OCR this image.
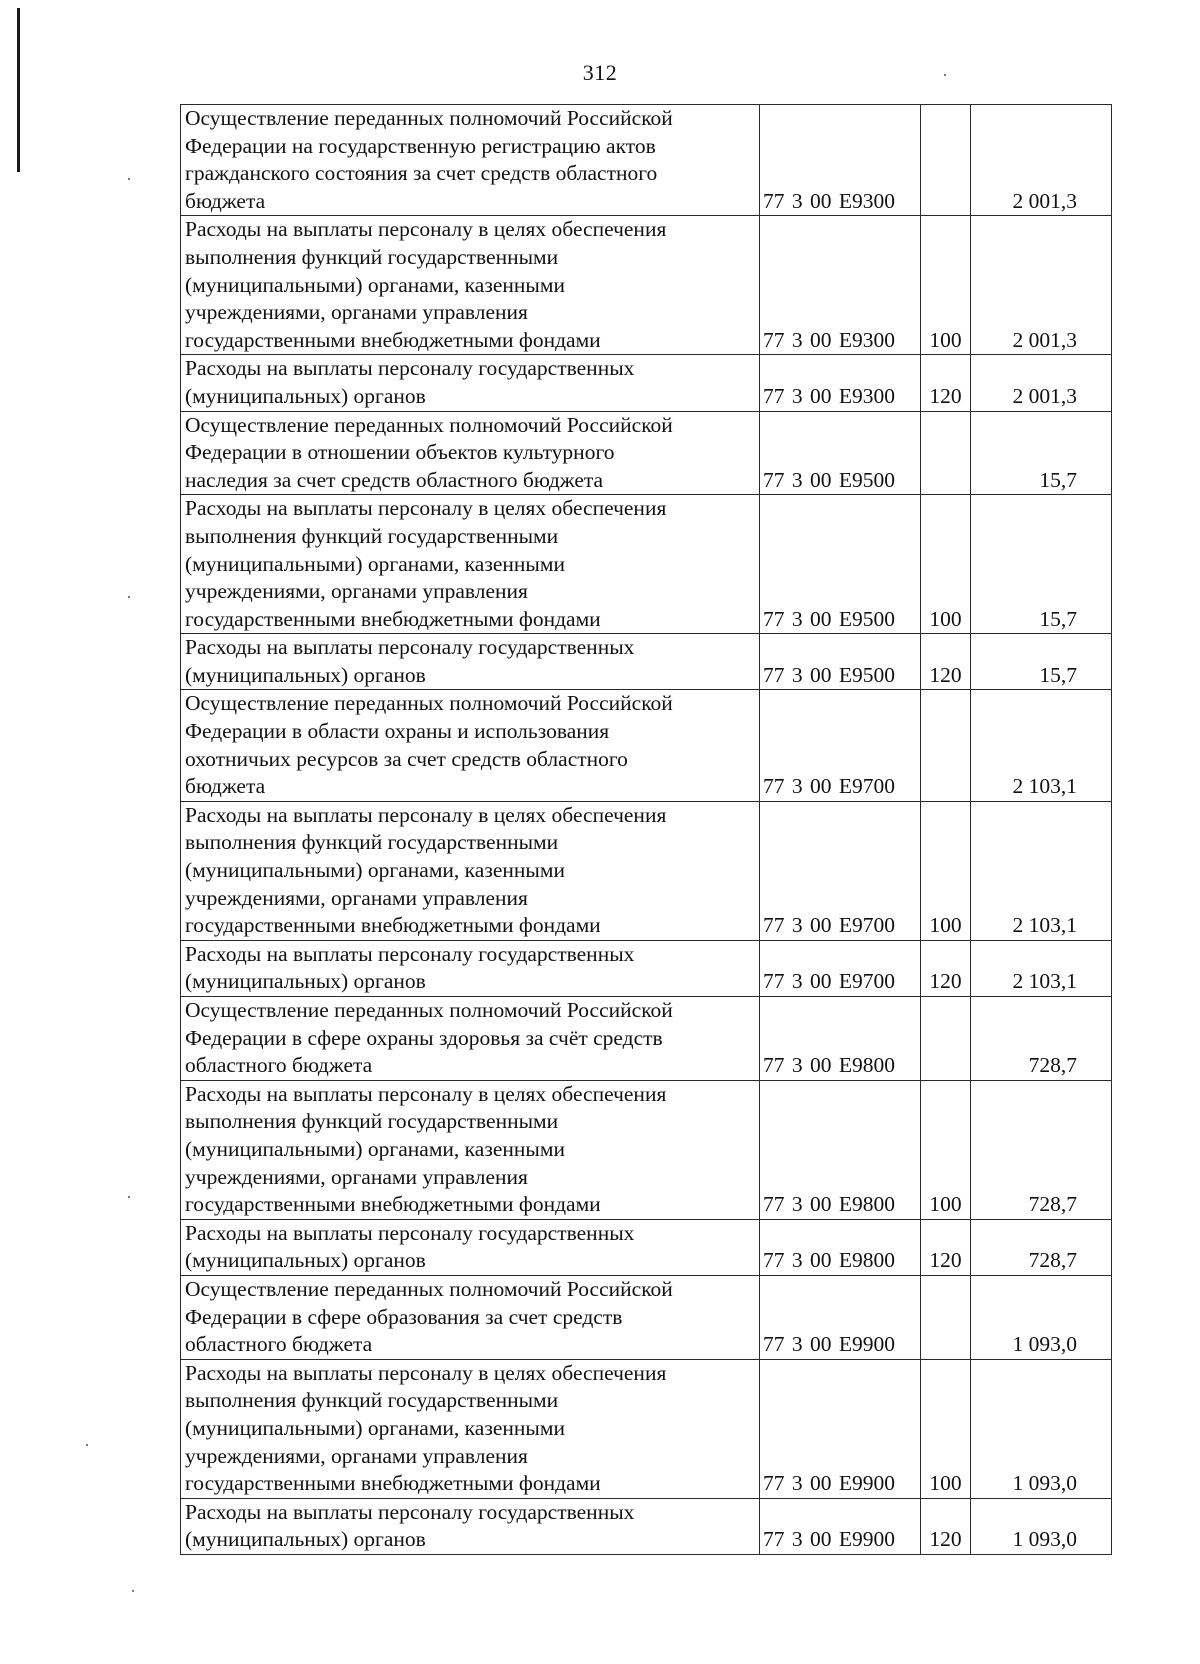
312
Осуществление переданных полномочий Российской
Федерации на государственную регистрацию актов
гражданского состояния за счет средств областного
бюджета	77 3 00 Е9300		2 001,3
Расходы на выплаты персоналу в целях обеспечения
выполнения функций государственными
(муниципальными) органами, казенными
учреждениями, органами управления
государственными внебюджетными фондами	77 3 00 Е9300	100	2 001,3
Расходы на выплаты персоналу государственных
(муниципальных) органов	77 3 00 Е9300	120	2 001,3
Осуществление переданных полномочий Российской
Федерации в отношении объектов культурного
наследия за счет средств областного бюджета	77 3 00 Е9500		15,7
Расходы на выплаты персоналу в целях обеспечения
выполнения функций государственными
(муниципальными) органами, казенными
учреждениями, органами управления
государственными внебюджетными фондами	77 3 00 Е9500	100	15,7
Расходы на выплаты персоналу государственных
(муниципальных) органов	77 3 00 Е9500	120	15,7
Осуществление переданных полномочий Российской
Федерации в области охраны и использования
охотничьих ресурсов за счет средств областного
бюджета	77 3 00 Е9700		2 103,1
Расходы на выплаты персоналу в целях обеспечения
выполнения функций государственными
(муниципальными) органами, казенными
учреждениями, органами управления
государственными внебюджетными фондами	77 3 00 Е9700	100	2 103,1
Расходы на выплаты персоналу государственных
(муниципальных) органов	77 3 00 Е9700	120	2 103,1
Осуществление переданных полномочий Российской
Федерации в сфере охраны здоровья за счёт средств
областного бюджета	77 3 00 Е9800		728,7
Расходы на выплаты персоналу в целях обеспечения
выполнения функций государственными
(муниципальными) органами, казенными
учреждениями, органами управления
государственными внебюджетными фондами	77 3 00 Е9800	100	728,7
Расходы на выплаты персоналу государственных
(муниципальных) органов	77 3 00 Е9800	120	728,7
Осуществление переданных полномочий Российской
Федерации в сфере образования за счет средств
областного бюджета	77 3 00 Е9900		1 093,0
Расходы на выплаты персоналу в целях обеспечения
выполнения функций государственными
(муниципальными) органами, казенными
учреждениями, органами управления
государственными внебюджетными фондами	77 3 00 Е9900	100	1 093,0
Расходы на выплаты персоналу государственных
(муниципальных) органов	77 3 00 Е9900	120	1 093,0
